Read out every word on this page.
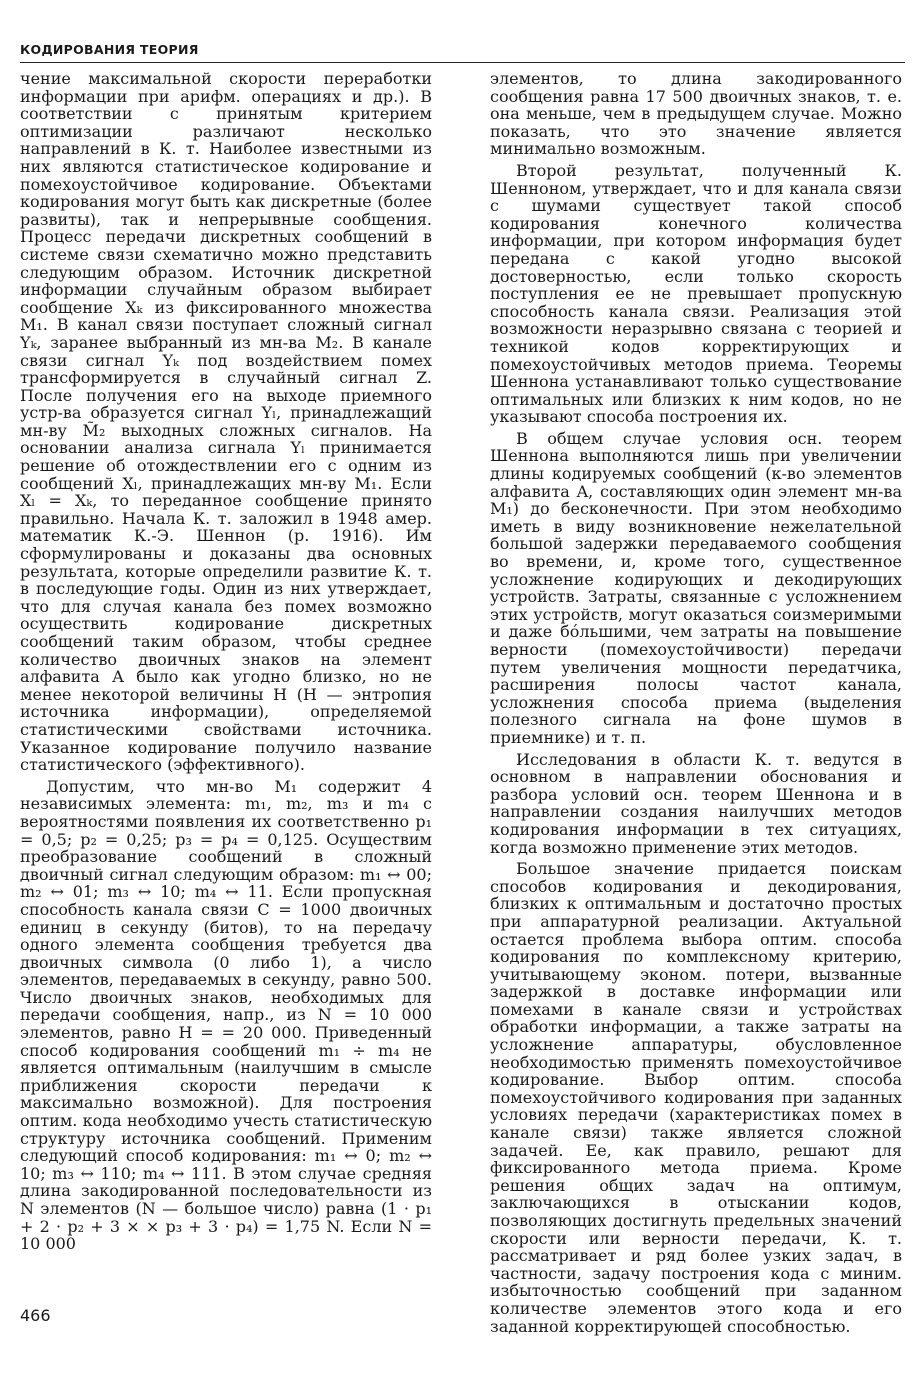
КОДИРОВАНИЯ ТЕОРИЯ

чение максимальной скорости переработки информации при арифм. операциях и др.). В соответствии с принятым критерием оптимизации различают несколько направлений в К. т. Наиболее известными из них являются статистическое кодирование и помехоустойчивое кодирование. Объектами кодирования могут быть как дискретные (более развиты), так и непрерывные сообщения. Процесс передачи дискретных сообщений в системе связи схематично можно представить следующим образом. Источник дискретной информации случайным образом выбирает сообщение Xₖ из фиксированного множества M₁. В канал связи поступает сложный сигнал Yₖ, заранее выбранный из мн-ва M₂. В канале связи сигнал Yₖ под воздействием помех трансформируется в случайный сигнал Z. После получения его на выходе приемного устр-ва образуется сигнал Yₗ, принадлежащий мн-ву M̃₂ выходных сложных сигналов. На основании анализа сигнала Yₗ принимается решение об отождествлении его с одним из сообщений Xₗ, принадлежащих мн-ву M₁. Если Xₗ = Xₖ, то переданное сообщение принято правильно. Начала К. т. заложил в 1948 амер. математик К.-Э. Шеннон (р. 1916). Им сформулированы и доказаны два основных результата, которые определили развитие К. т. в последующие годы. Один из них утверждает, что для случая канала без помех возможно осуществить кодирование дискретных сообщений таким образом, чтобы среднее количество двоичных знаков на элемент алфавита A было как угодно близко, но не менее некоторой величины H (H — энтропия источника информации), определяемой статистическими свойствами источника. Указанное кодирование получило название статистического (эффективного).

Допустим, что мн-во M₁ содержит 4 независимых элемента: m₁, m₂, m₃ и m₄ с вероятностями появления их соответственно p₁ = 0,5; p₂ = 0,25; p₃ = p₄ = 0,125. Осуществим преобразование сообщений в сложный двоичный сигнал следующим образом: m₁ ↔ 00; m₂ ↔ 01; m₃ ↔ 10; m₄ ↔ 11. Если пропускная способность канала связи C = 1000 двоичных единиц в секунду (битов), то на передачу одного элемента сообщения требуется два двоичных символа (0 либо 1), а число элементов, передаваемых в секунду, равно 500. Число двоичных знаков, необходимых для передачи сообщения, напр., из N = 10 000 элементов, равно H = = 20 000. Приведенный способ кодирования сообщений m₁ ÷ m₄ не является оптимальным (наилучшим в смысле приближения скорости передачи к максимально возможной). Для построения оптим. кода необходимо учесть статистическую структуру источника сообщений. Применим следующий способ кодирования: m₁ ↔ 0; m₂ ↔ 10; m₃ ↔ 110; m₄ ↔ 111. В этом случае средняя длина закодированной последовательности из N элементов (N — большое число) равна (1 · p₁ + 2 · p₂ + 3 × × p₃ + 3 · p₄) = 1,75 N. Если N = 10 000

элементов, то длина закодированного сообщения равна 17 500 двоичных знаков, т. е. она меньше, чем в предыдущем случае. Можно показать, что это значение является минимально возможным.

Второй результат, полученный К. Шенноном, утверждает, что и для канала связи с шумами существует такой способ кодирования конечного количества информации, при котором информация будет передана с какой угодно высокой достоверностью, если только скорость поступления ее не превышает пропускную способность канала связи. Реализация этой возможности неразрывно связана с теорией и техникой кодов корректирующих и помехоустойчивых методов приема. Теоремы Шеннона устанавливают только существование оптимальных или близких к ним кодов, но не указывают способа построения их.

В общем случае условия осн. теорем Шеннона выполняются лишь при увеличении длины кодируемых сообщений (к-во элементов алфавита A, составляющих один элемент мн-ва M₁) до бесконечности. При этом необходимо иметь в виду возникновение нежелательной большой задержки передаваемого сообщения во времени, и, кроме того, существенное усложнение кодирующих и декодирующих устройств. Затраты, связанные с усложнением этих устройств, могут оказаться соизмеримыми и даже бо́льшими, чем затраты на повышение верности (помехоустойчивости) передачи путем увеличения мощности передатчика, расширения полосы частот канала, усложнения способа приема (выделения полезного сигнала на фоне шумов в приемнике) и т. п.

Исследования в области К. т. ведутся в основном в направлении обоснования и разбора условий осн. теорем Шеннона и в направлении создания наилучших методов кодирования информации в тех ситуациях, когда возможно применение этих методов.

Большое значение придается поискам способов кодирования и декодирования, близких к оптимальным и достаточно простых при аппаратурной реализации. Актуальной остается проблема выбора оптим. способа кодирования по комплексному критерию, учитывающему эконом. потери, вызванные задержкой в доставке информации или помехами в канале связи и устройствах обработки информации, а также затраты на усложнение аппаратуры, обусловленное необходимостью применять помехоустойчивое кодирование. Выбор оптим. способа помехоустойчивого кодирования при заданных условиях передачи (характеристиках помех в канале связи) также является сложной задачей. Ее, как правило, решают для фиксированного метода приема. Кроме решения общих задач на оптимум, заключающихся в отыскании кодов, позволяющих достигнуть предельных значений скорости или верности передачи, К. т. рассматривает и ряд более узких задач, в частности, задачу построения кода с миним. избыточностью сообщений при заданном количестве элементов этого кода и его заданной корректирующей способностью.

466
